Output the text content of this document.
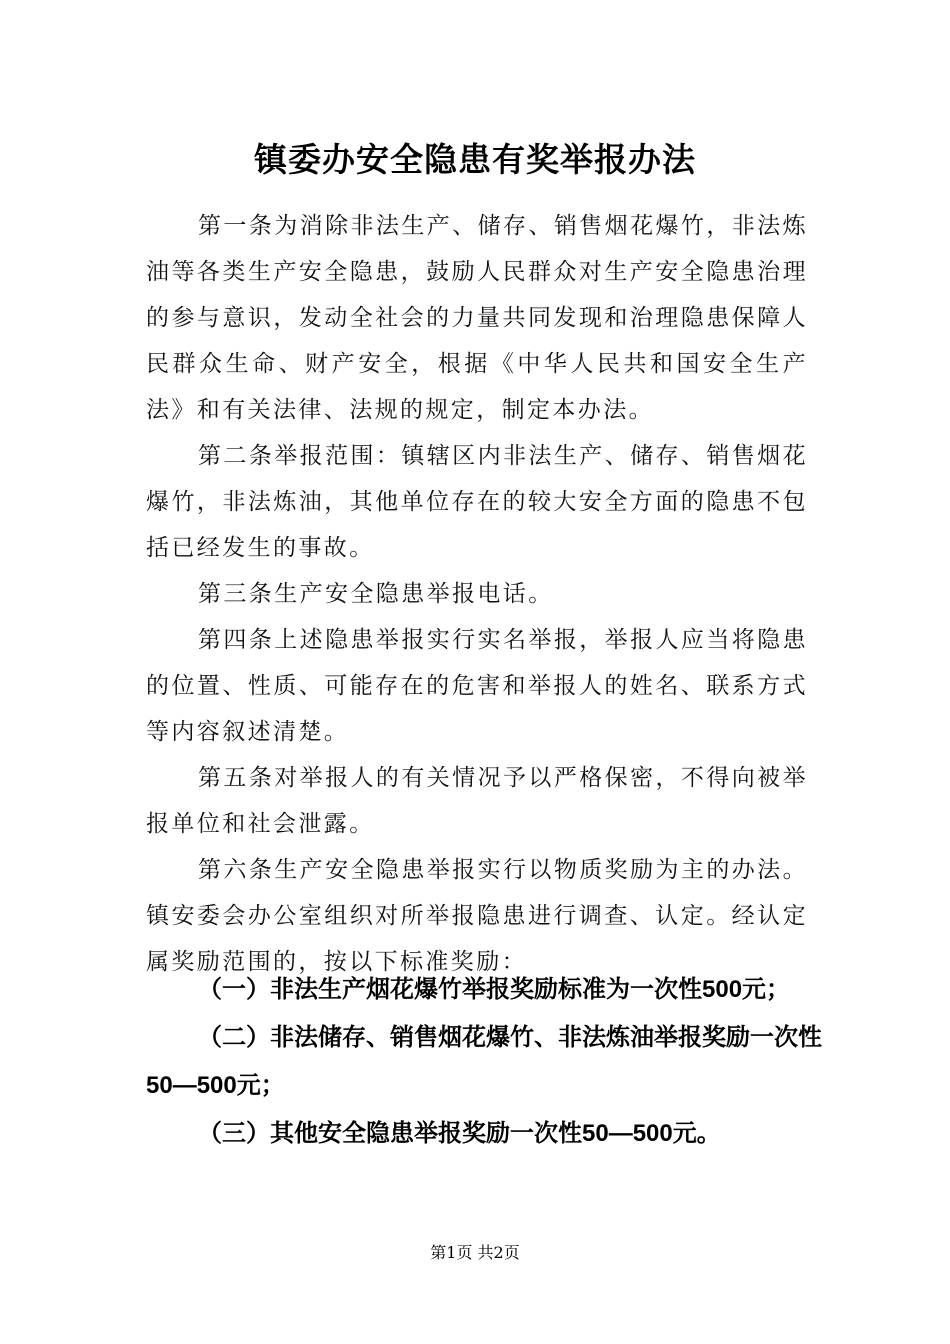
镇委办安全隐患有奖举报办法

第一条为消除非法生产、储存、销售烟花爆竹，非法炼油等各类生产安全隐患，鼓励人民群众对生产安全隐患治理的参与意识，发动全社会的力量共同发现和治理隐患保障人民群众生命、财产安全，根据《中华人民共和国安全生产法》和有关法律、法规的规定，制定本办法。

第二条举报范围：镇辖区内非法生产、储存、销售烟花爆竹，非法炼油，其他单位存在的较大安全方面的隐患不包括已经发生的事故。

第三条生产安全隐患举报电话。

第四条上述隐患举报实行实名举报，举报人应当将隐患的位置、性质、可能存在的危害和举报人的姓名、联系方式等内容叙述清楚。

第五条对举报人的有关情况予以严格保密，不得向被举报单位和社会泄露。

第六条生产安全隐患举报实行以物质奖励为主的办法。镇安委会办公室组织对所举报隐患进行调查、认定。经认定属奖励范围的，按以下标准奖励：

（一）非法生产烟花爆竹举报奖励标准为一次性500元；

（二）非法储存、销售烟花爆竹、非法炼油举报奖励一次性50—500元；

（三）其他安全隐患举报奖励一次性50—500元。

第1页 共2页
